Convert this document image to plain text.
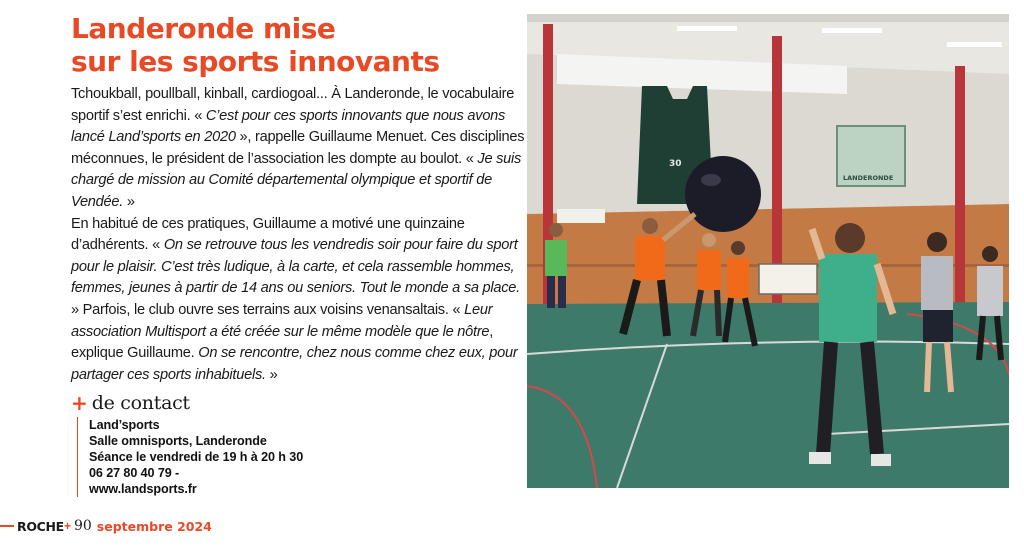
Landeronde mise
sur les sports innovants

Tchoukball, poullball, kinball, cardiogoal... À Landeronde, le vocabulaire sportif s’est enrichi. « C’est pour ces sports innovants que nous avons lancé Land’sports en 2020 », rappelle Guillaume Menuet. Ces disciplines méconnues, le président de l’association les dompte au boulot. « Je suis chargé de mission au Comité départemental olympique et sportif de Vendée. »

En habitué de ces pratiques, Guillaume a motivé une quinzaine d’adhérents. « On se retrouve tous les vendredis soir pour faire du sport pour le plaisir. C’est très ludique, à la carte, et cela rassemble hommes, femmes, jeunes à partir de 14 ans ou seniors. Tout le monde a sa place. » Parfois, le club ouvre ses terrains aux voisins venansaltais. « Leur association Multisport a été créée sur le même modèle que le nôtre, explique Guillaume. On se rencontre, chez nous comme chez eux, pour partager ces sports inhabituels. »

+ de contact
Land’sports
Salle omnisports, Landeronde
Séance le vendredi de 19 h à 20 h 30
06 27 80 40 79 -
www.landsports.fr
ROCHE + 90 septembre 2024
30
LANDERONDE
